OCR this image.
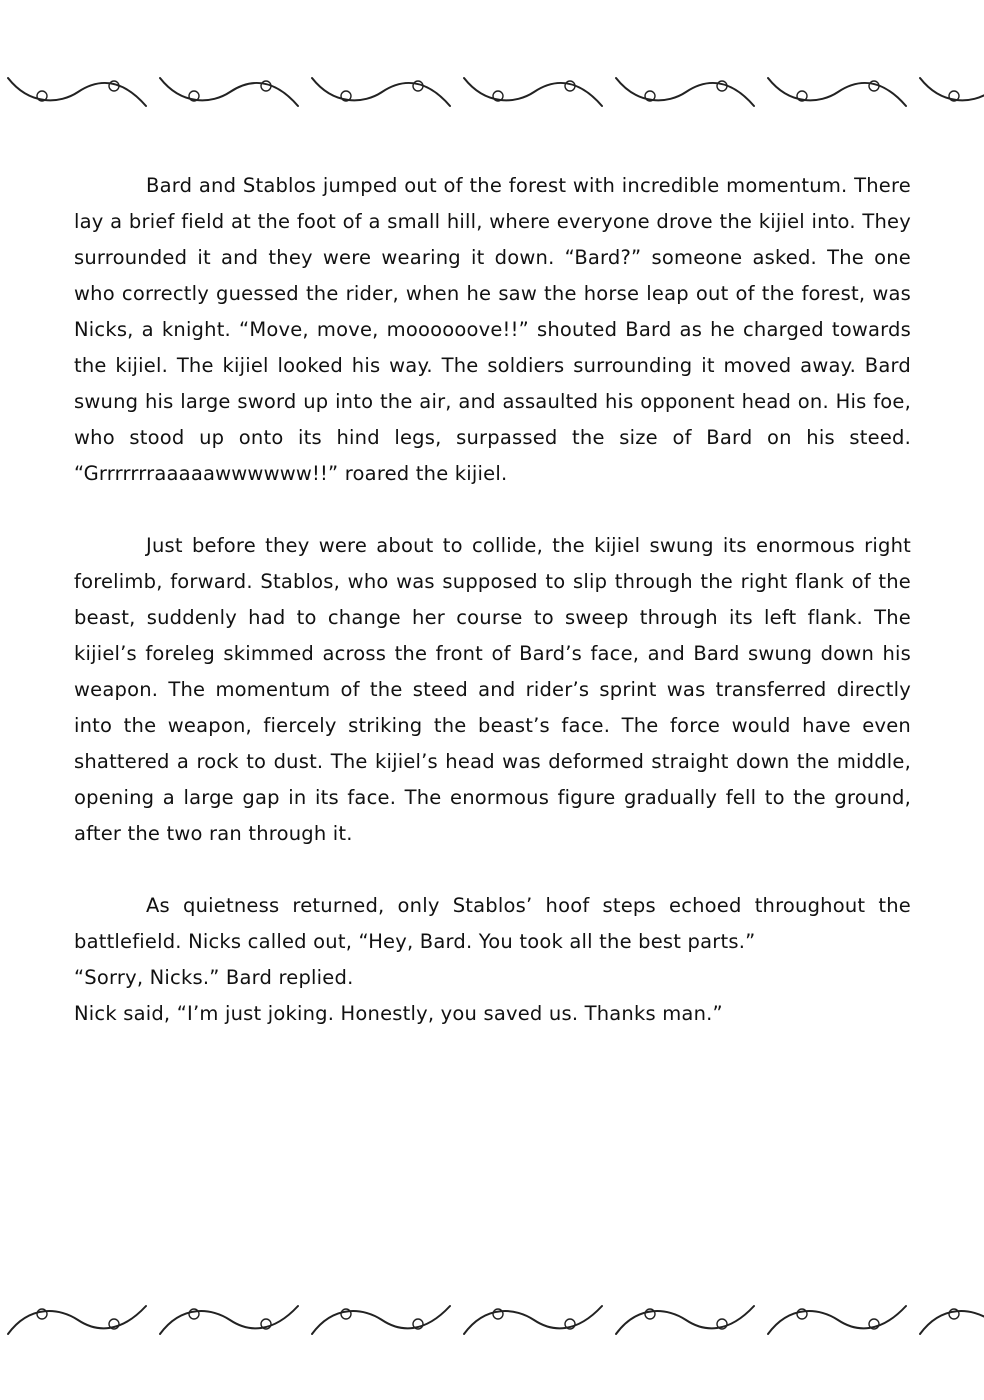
Bard and Stablos jumped out of the forest with incredible momentum. There lay a brief field at the foot of a small hill, where everyone drove the kijiel into. They surrounded it and they were wearing it down. “Bard?” someone asked. The one who correctly guessed the rider, when he saw the horse leap out of the forest, was Nicks, a knight. “Move, move, moooooove!!” shouted Bard as he charged towards the kijiel. The kijiel looked his way. The soldiers surrounding it moved away. Bard swung his large sword up into the air, and assaulted his opponent head on. His foe, who stood up onto its hind legs, surpassed the size of Bard on his steed. “Grrrrrrraaaaawwwwww!!” roared the kijiel.

Just before they were about to collide, the kijiel swung its enormous right forelimb, forward. Stablos, who was supposed to slip through the right flank of the beast, suddenly had to change her course to sweep through its left flank. The kijiel’s foreleg skimmed across the front of Bard’s face, and Bard swung down his weapon. The momentum of the steed and rider’s sprint was transferred directly into the weapon, fiercely striking the beast’s face. The force would have even shattered a rock to dust. The kijiel’s head was deformed straight down the middle, opening a large gap in its face. The enormous figure gradually fell to the ground, after the two ran through it.

As quietness returned, only Stablos’ hoof steps echoed throughout the battlefield. Nicks called out, “Hey, Bard. You took all the best parts.”

“Sorry, Nicks.” Bard replied.

Nick said, “I’m just joking. Honestly, you saved us. Thanks man.”
